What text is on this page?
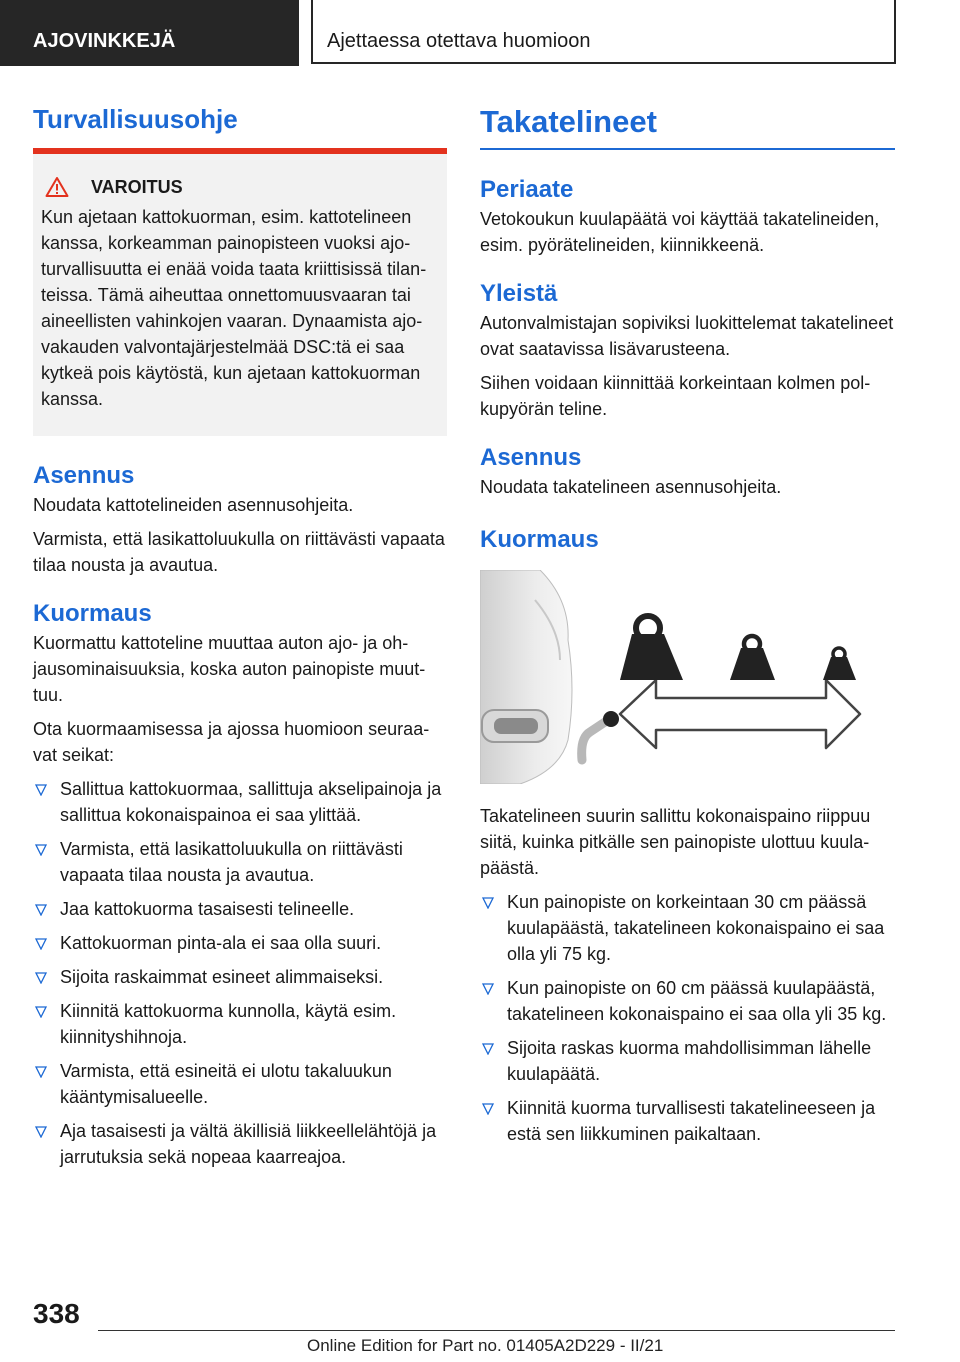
AJOVINKKEJÄ	Ajettaessa otettava huomioon
Turvallisuusohje
VAROITUS

Kun ajetaan kattokuorman, esim. kattotelineen kanssa, korkeamman painopisteen vuoksi ajoturvallisuutta ei enää voida taata kriittisissä tilanteissa. Tämä aiheuttaa onnettomuusvaaran tai aineellisten vahinkojen vaaran. Dynaamista ajovakauden valvontajärjestelmää DSC:tä ei saa kytkeä pois käytöstä, kun ajetaan kattokuorman kanssa.

Asennus

Noudata kattotelineiden asennusohjeita.

Varmista, että lasikattoluukulla on riittävästi vapaata tilaa nousta ja avautua.

Kuormaus

Kuormattu kattoteline muuttaa auton ajo- ja ohjausominaisuuksia, koska auton painopiste muuttuu.

Ota kuormaamisessa ja ajossa huomioon seuraavat seikat:

Sallittua kattokuormaa, sallittuja akselipainoja ja sallittua kokonaispainoa ei saa ylittää.
Varmista, että lasikattoluukulla on riittävästi vapaata tilaa nousta ja avautua.
Jaa kattokuorma tasaisesti telineelle.
Kattokuorman pinta-ala ei saa olla suuri.
Sijoita raskaimmat esineet alimmaiseksi.
Kiinnitä kattokuorma kunnolla, käytä esim. kiinnityshihnoja.
Varmista, että esineitä ei ulotu takaluukun kääntymisalueelle.
Aja tasaisesti ja vältä äkillisiä liikkeellelähtöjä ja jarrutuksia sekä nopeaa kaarreajoa.
Takatelineet
Periaate

Vetokoukun kuulapäätä voi käyttää takatelineiden, esim. pyörätelineiden, kiinnikkeenä.

Yleistä

Autonvalmistajan sopiviksi luokittelemat takatelineet ovat saatavissa lisävarusteena.

Siihen voidaan kiinnittää korkeintaan kolmen polkupyörän teline.

Asennus

Noudata takatelineen asennusohjeita.

Kuormaus

Takatelineen suurin sallittu kokonaispaino riippuu siitä, kuinka pitkälle sen painopiste ulottuu kuulapäästä.

Kun painopiste on korkeintaan 30 cm päässä kuulapäästä, takatelineen kokonaispaino ei saa olla yli 75 kg.
Kun painopiste on 60 cm päässä kuulapäästä, takatelineen kokonaispaino ei saa olla yli 35 kg.
Sijoita raskas kuorma mahdollisimman lähelle kuulapäätä.
Kiinnitä kuorma turvallisesti takatelineeseen ja estä sen liikkuminen paikaltaan.
338
Online Edition for Part no. 01405A2D229 - II/21
